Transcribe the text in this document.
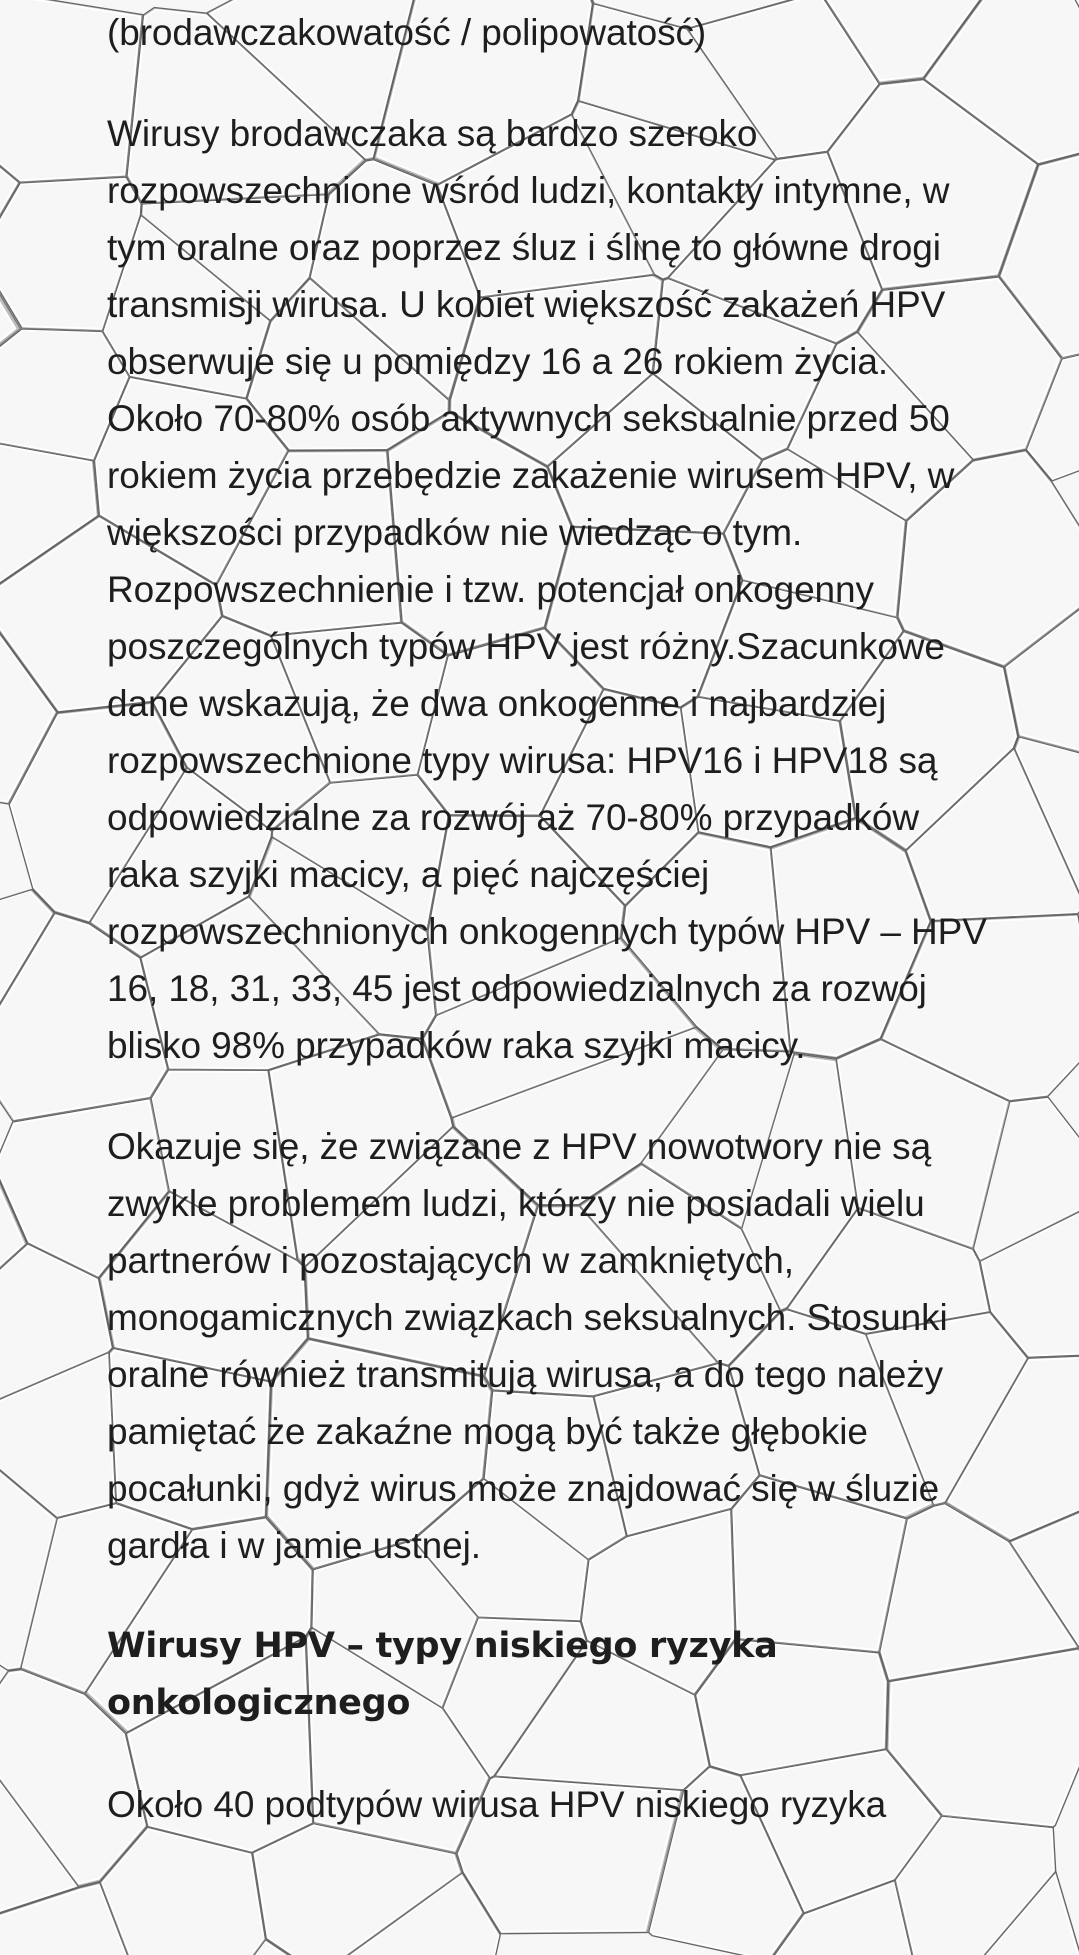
(brodawczakowatość / polipowatość)

Wirusy brodawczaka są bardzo szeroko rozpowszechnione wśród ludzi, kontakty intymne, w tym oralne oraz poprzez śluz i ślinę to główne drogi transmisji wirusa. U kobiet większość zakażeń HPV obserwuje się u pomiędzy 16 a 26 rokiem życia. Około 70-80% osób aktywnych seksualnie przed 50 rokiem życia przebędzie zakażenie wirusem HPV, w większości przypadków nie wiedząc o tym. Rozpowszechnienie i tzw. potencjał onkogenny poszczególnych typów HPV jest różny.Szacunkowe dane wskazują, że dwa onkogenne i najbardziej rozpowszechnione typy wirusa: HPV16 i HPV18 są odpowiedzialne za rozwój aż 70-80% przypadków raka szyjki macicy, a pięć najczęściej rozpowszechnionych onkogennych typów HPV – HPV 16, 18, 31, 33, 45 jest odpowiedzialnych za rozwój blisko 98% przypadków raka szyjki macicy.

Okazuje się, że związane z HPV nowotwory nie są zwykle problemem ludzi, którzy nie posiadali wielu partnerów i pozostających w zamkniętych, monogamicznych związkach seksualnych. Stosunki oralne również transmitują wirusa, a do tego należy pamiętać że zakaźne mogą być także głębokie pocałunki, gdyż wirus może znajdować się w śluzie gardła i w jamie ustnej.

Wirusy HPV – typy niskiego ryzyka onkologicznego

Około 40 podtypów wirusa HPV niskiego ryzyka
